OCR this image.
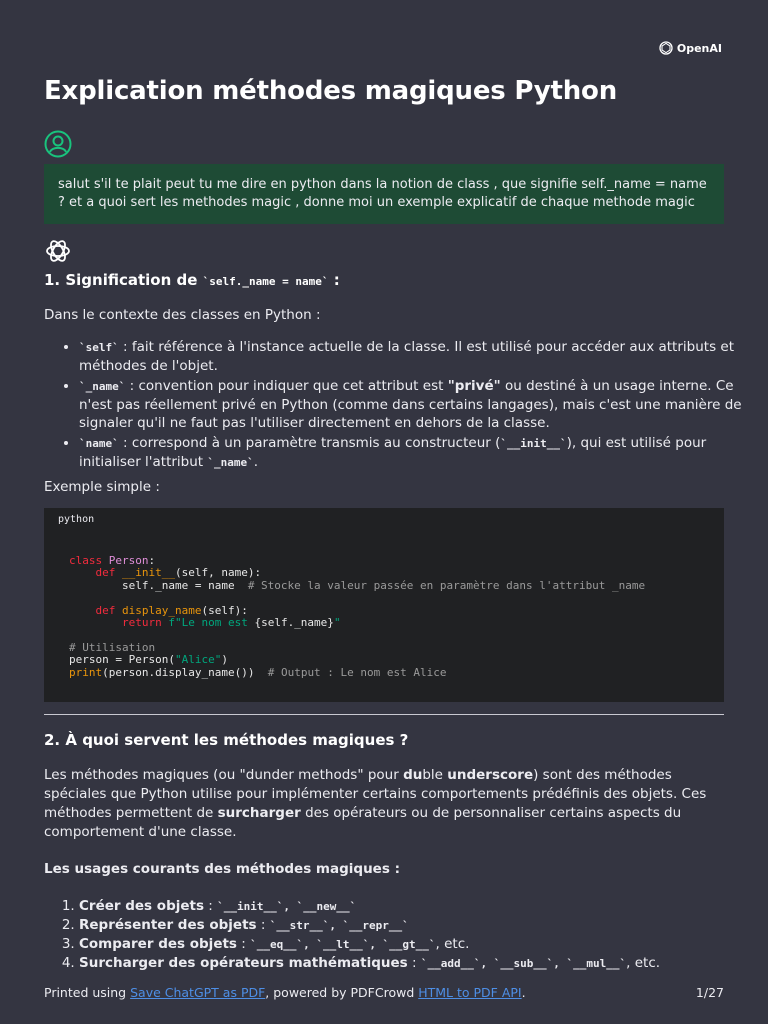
OpenAI
Explication méthodes magiques Python
salut s'il te plait peut tu me dire en python dans la notion de class , que signifie self._name = name ? et a quoi sert les methodes magic , donne moi un exemple explicatif de chaque methode magic
1. Signification de `self._name = name` :

Dans le contexte des classes en Python :

• `self` : fait référence à l'instance actuelle de la classe. Il est utilisé pour accéder aux attributs et méthodes de l'objet.
• `_name` : convention pour indiquer que cet attribut est "privé" ou destiné à un usage interne. Ce n'est pas réellement privé en Python (comme dans certains langages), mais c'est une manière de signaler qu'il ne faut pas l'utiliser directement en dehors de la classe.
• `name` : correspond à un paramètre transmis au constructeur (`__init__`), qui est utilisé pour initialiser l'attribut `_name`.

Exemple simple :

python
class Person:
def __init__(self, name):
self._name = name  # Stocke la valeur passée en paramètre dans l'attribut _name

def display_name(self):
return f"Le nom est {self._name}"

# Utilisation
person = Person("Alice")
print(person.display_name())  # Output : Le nom est Alice
2. À quoi servent les méthodes magiques ?

Les méthodes magiques (ou "dunder methods" pour duble underscore) sont des méthodes spéciales que Python utilise pour implémenter certains comportements prédéfinis des objets. Ces méthodes permettent de surcharger des opérateurs ou de personnaliser certains aspects du comportement d'une classe.

Les usages courants des méthodes magiques :

1. Créer des objets : `__init__`, `__new__`
2. Représenter des objets : `__str__`, `__repr__`
3. Comparer des objets : `__eq__`, `__lt__`, `__gt__`, etc.
4. Surcharger des opérateurs mathématiques : `__add__`, `__sub__`, `__mul__`, etc.
Printed using Save ChatGPT as PDF, powered by PDFCrowd HTML to PDF API.	1/27
